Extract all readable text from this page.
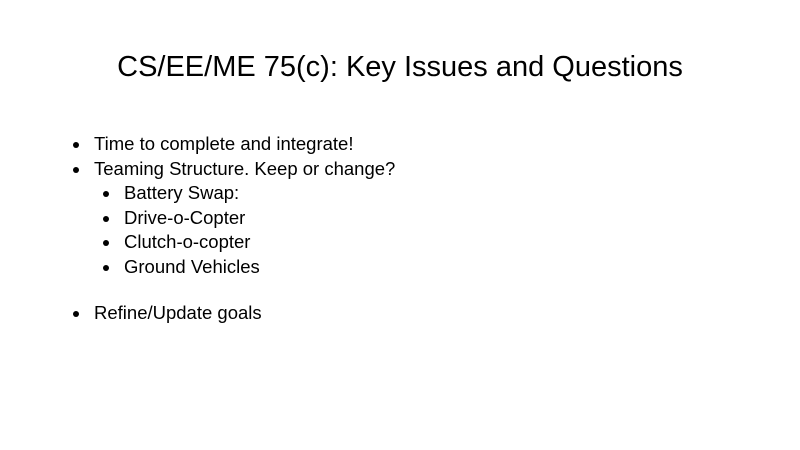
CS/EE/ME 75(c): Key Issues and Questions
Time to complete and integrate!
Teaming Structure. Keep or change?
Battery Swap:
Drive-o-Copter
Clutch-o-copter
Ground Vehicles
Refine/Update goals
